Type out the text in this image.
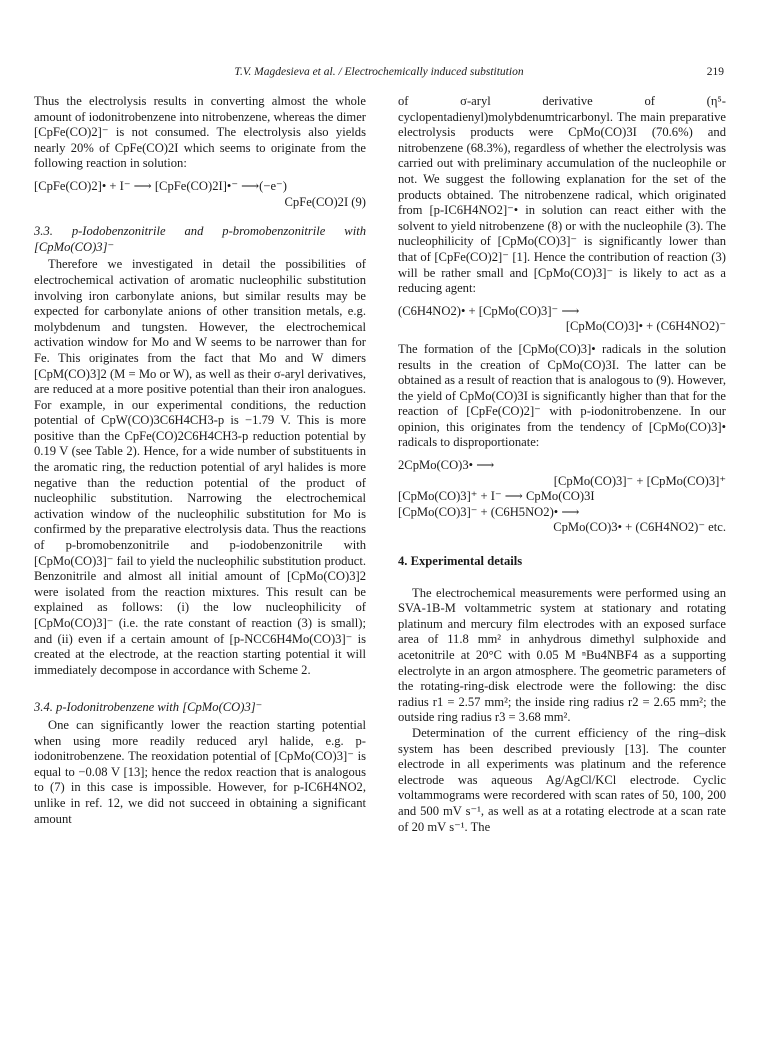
T.V. Magdesieva et al. / Electrochemically induced substitution	219

Thus the electrolysis results in converting almost the whole amount of iodonitrobenzene into nitrobenzene, whereas the dimer [CpFe(CO)2]⁻ is not consumed. The electrolysis also yields nearly 20% of CpFe(CO)2I which seems to originate from the following reaction in solution:

[CpFe(CO)2]• + I⁻ ⟶ [CpFe(CO)2I]•⁻ ⟶(−e⁻)
CpFe(CO)2I (9)

3.3. p-Iodobenzonitrile and p-bromobenzonitrile with [CpMo(CO)3]⁻

Therefore we investigated in detail the possibilities of electrochemical activation of aromatic nucleophilic substitution involving iron carbonylate anions, but similar results may be expected for carbonylate anions of other transition metals, e.g. molybdenum and tungsten. However, the electrochemical activation window for Mo and W seems to be narrower than for Fe. This originates from the fact that Mo and W dimers [CpM(CO)3]2 (M = Mo or W), as well as their σ-aryl derivatives, are reduced at a more positive potential than their iron analogues. For example, in our experimental conditions, the reduction potential of CpW(CO)3C6H4CH3-p is −1.79 V. This is more positive than the CpFe(CO)2C6H4CH3-p reduction potential by 0.19 V (see Table 2). Hence, for a wide number of substituents in the aromatic ring, the reduction potential of aryl halides is more negative than the reduction potential of the product of nucleophilic substitution. Narrowing the electrochemical activation window of the nucleophilic substitution for Mo is confirmed by the preparative electrolysis data. Thus the reactions of p-bromobenzonitrile and p-iodobenzonitrile with [CpMo(CO)3]⁻ fail to yield the nucleophilic substitution product. Benzonitrile and almost all initial amount of [CpMo(CO)3]2 were isolated from the reaction mixtures. This result can be explained as follows: (i) the low nucleophilicity of [CpMo(CO)3]⁻ (i.e. the rate constant of reaction (3) is small); and (ii) even if a certain amount of [p-NCC6H4Mo(CO)3]⁻ is created at the electrode, at the reaction starting potential it will immediately decompose in accordance with Scheme 2.

3.4. p-Iodonitrobenzene with [CpMo(CO)3]⁻

One can significantly lower the reaction starting potential when using more readily reduced aryl halide, e.g. p-iodonitrobenzene. The reoxidation potential of [CpMo(CO)3]⁻ is equal to −0.08 V [13]; hence the redox reaction that is analogous to (7) in this case is impossible. However, for p-IC6H4NO2, unlike in ref. 12, we did not succeed in obtaining a significant amount

of σ-aryl derivative of (η⁵-cyclopentadienyl)molybdenumtricarbonyl. The main preparative electrolysis products were CpMo(CO)3I (70.6%) and nitrobenzene (68.3%), regardless of whether the electrolysis was carried out with preliminary accumulation of the nucleophile or not. We suggest the following explanation for the set of the products obtained. The nitrobenzene radical, which originated from [p-IC6H4NO2]⁻• in solution can react either with the solvent to yield nitrobenzene (8) or with the nucleophile (3). The nucleophilicity of [CpMo(CO)3]⁻ is significantly lower than that of [CpFe(CO)2]⁻ [1]. Hence the contribution of reaction (3) will be rather small and [CpMo(CO)3]⁻ is likely to act as a reducing agent:

(C6H4NO2)• + [CpMo(CO)3]⁻ ⟶
[CpMo(CO)3]• + (C6H4NO2)⁻

The formation of the [CpMo(CO)3]• radicals in the solution results in the creation of CpMo(CO)3I. The latter can be obtained as a result of reaction that is analogous to (9). However, the yield of CpMo(CO)3I is significantly higher than that for the reaction of [CpFe(CO)2]⁻ with p-iodonitrobenzene. In our opinion, this originates from the tendency of [CpMo(CO)3]• radicals to disproportionate:

2CpMo(CO)3• ⟶
[CpMo(CO)3]⁻ + [CpMo(CO)3]⁺
[CpMo(CO)3]⁺ + I⁻ ⟶ CpMo(CO)3I
[CpMo(CO)3]⁻ + (C6H5NO2)• ⟶
CpMo(CO)3• + (C6H4NO2)⁻ etc.

4. Experimental details

The electrochemical measurements were performed using an SVA-1B-M voltammetric system at stationary and rotating platinum and mercury film electrodes with an exposed surface area of 11.8 mm² in anhydrous dimethyl sulphoxide and acetonitrile at 20°C with 0.05 M ⁿBu4NBF4 as a supporting electrolyte in an argon atmosphere. The geometric parameters of the rotating-ring-disk electrode were the following: the disc radius r1 = 2.57 mm²; the inside ring radius r2 = 2.65 mm²; the outside ring radius r3 = 3.68 mm².

Determination of the current efficiency of the ring–disk system has been described previously [13]. The counter electrode in all experiments was platinum and the reference electrode was aqueous Ag/AgCl/KCl electrode. Cyclic voltammograms were recordered with scan rates of 50, 100, 200 and 500 mV s⁻¹, as well as at a rotating electrode at a scan rate of 20 mV s⁻¹. The
